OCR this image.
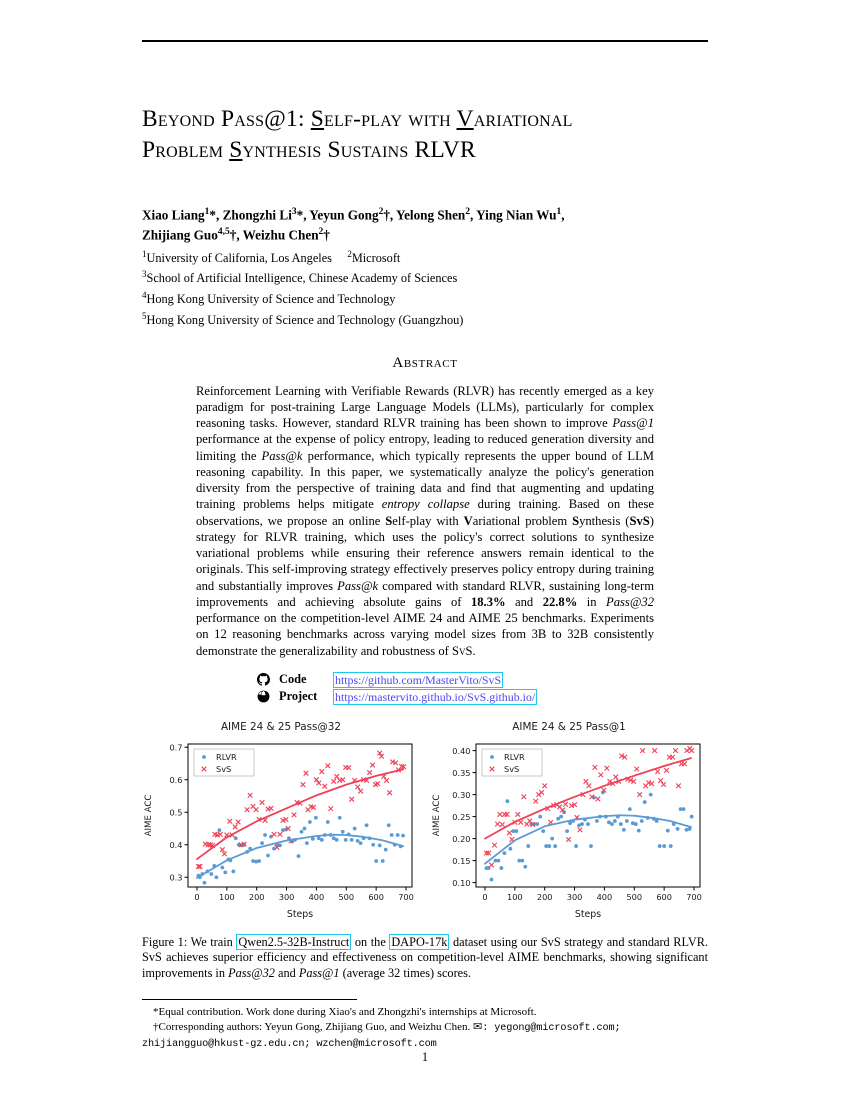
Beyond Pass@1: Self-play with Variational
Problem Synthesis Sustains RLVR
Xiao Liang$^1$*, Zhongzhi Li$^3$*, Yeyun Gong$^2$†, Yelong Shen$^2$, Ying Nian Wu$^1$,
Zhijiang Guo$^{4,5}$†, Weizhu Chen$^2$†
$^1$University of California, Los Angeles     $^2$Microsoft
$^3$School of Artificial Intelligence, Chinese Academy of Sciences
$^4$Hong Kong University of Science and Technology
$^5$Hong Kong University of Science and Technology (Guangzhou)
Abstract
Reinforcement Learning with Verifiable Rewards (RLVR) has recently emerged as a key paradigm for post-training Large Language Models (LLMs), particularly for complex reasoning tasks. However, standard RLVR training has been shown to improve Pass@1 performance at the expense of policy entropy, leading to reduced generation diversity and limiting the Pass@k performance, which typically represents the upper bound of LLM reasoning capability. In this paper, we systematically analyze the policy's generation diversity from the perspective of training data and find that augmenting and updating training problems helps mitigate entropy collapse during training. Based on these observations, we propose an online Self-play with Variational problem Synthesis (SvS) strategy for RLVR training, which uses the policy's correct solutions to synthesize variational problems while ensuring their reference answers remain identical to the originals. This self-improving strategy effectively preserves policy entropy during training and substantially improves Pass@k compared with standard RLVR, sustaining long-term improvements and achieving absolute gains of 18.3% and 22.8% in Pass@32 performance on the competition-level AIME 24 and AIME 25 benchmarks. Experiments on 12 reasoning benchmarks across varying model sizes from 3B to 32B consistently demonstrate the generalizability and robustness of SvS.
Code	https://github.com/MasterVito/SvS
Project	https://mastervito.github.io/SvS.github.io/
AIME 24 & 25 Pass@32
0.3
0.4
0.5
0.6
0.7
0 100 200 300 400 500 600 700
Steps
AIME ACC
RLVR
SvS
AIME 24 & 25 Pass@1
0.10
0.15
0.20
0.25
0.30
0.35
0.40
0 100 200 300 400 500 600 700
Steps
AIME ACC
RLVR
SvS
Figure 1: We train Qwen2.5-32B-Instruct on the DAPO-17k dataset using our SvS strategy and standard RLVR. SvS achieves superior efficiency and effectiveness on competition-level AIME benchmarks, showing significant improvements in Pass@32 and Pass@1 (average 32 times) scores.
*Equal contribution. Work done during Xiao's and Zhongzhi's internships at Microsoft.
†Corresponding authors: Yeyun Gong, Zhijiang Guo, and Weizhu Chen. ✉: yegong@microsoft.com;
zhijiangguo@hkust-gz.edu.cn; wzchen@microsoft.com
1
